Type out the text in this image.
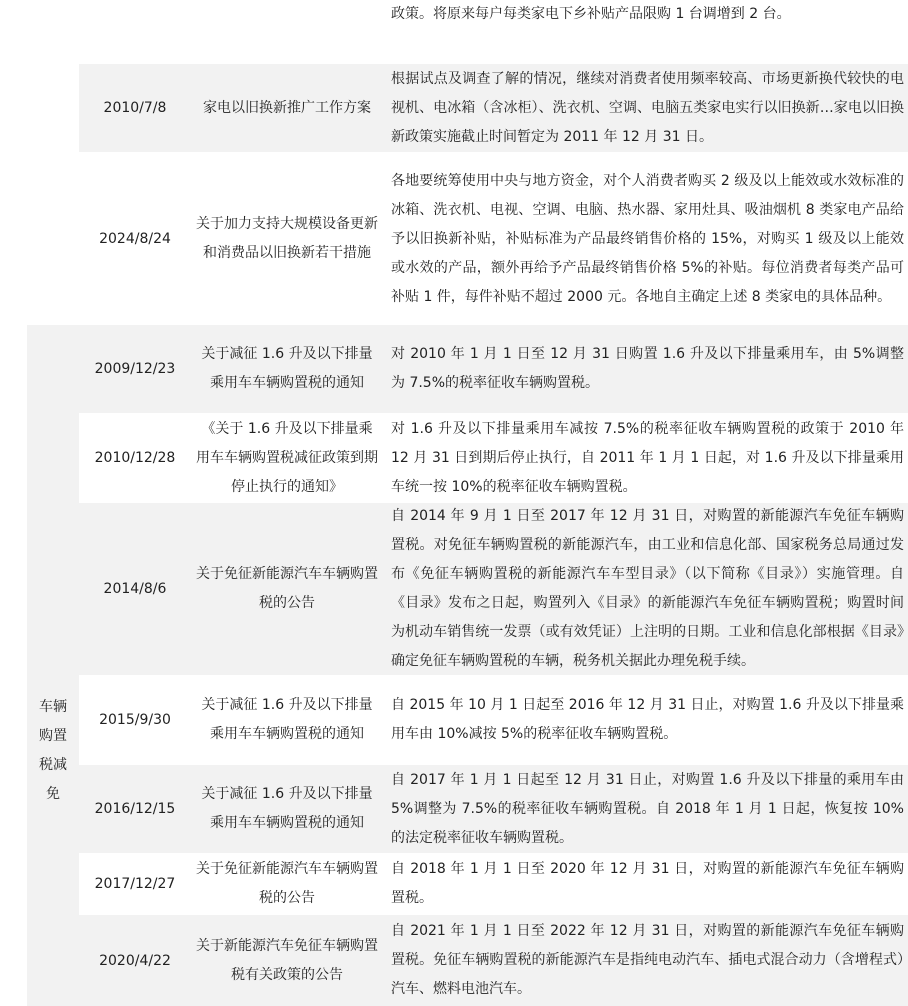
政策。将原来每户每类家电下乡补贴产品限购 1 台调增到 2 台。
车辆购置税减免
2010/7/8	家电以旧换新推广工作方案
根据试点及调查了解的情况，继续对消费者使用频率较高、市场更新换代较快的电视机、电冰箱（含冰柜）、洗衣机、空调、电脑五类家电实行以旧换新…家电以旧换新政策实施截止时间暂定为 2011 年 12 月 31 日。
2024/8/24
关于加力支持大规模设备更新和消费品以旧换新若干措施
各地要统筹使用中央与地方资金，对个人消费者购买 2 级及以上能效或水效标准的冰箱、洗衣机、电视、空调、电脑、热水器、家用灶具、吸油烟机 8 类家电产品给予以旧换新补贴，补贴标准为产品最终销售价格的 15%，对购买 1 级及以上能效或水效的产品，额外再给予产品最终销售价格 5%的补贴。每位消费者每类产品可补贴 1 件，每件补贴不超过 2000 元。各地自主确定上述 8 类家电的具体品种。
2009/12/23
关于减征 1.6 升及以下排量乘用车车辆购置税的通知
对 2010 年 1 月 1 日至 12 月 31 日购置 1.6 升及以下排量乘用车，由 5%调整为 7.5%的税率征收车辆购置税。
2010/12/28
《关于 1.6 升及以下排量乘用车车辆购置税减征政策到期停止执行的通知》
对 1.6 升及以下排量乘用车减按 7.5%的税率征收车辆购置税的政策于 2010 年 12 月 31 日到期后停止执行，自 2011 年 1 月 1 日起，对 1.6 升及以下排量乘用车统一按 10%的税率征收车辆购置税。
2014/8/6
关于免征新能源汽车车辆购置税的公告
自 2014 年 9 月 1 日至 2017 年 12 月 31 日，对购置的新能源汽车免征车辆购置税。对免征车辆购置税的新能源汽车，由工业和信息化部、国家税务总局通过发布《免征车辆购置税的新能源汽车车型目录》（以下简称《目录》）实施管理。自《目录》发布之日起，购置列入《目录》的新能源汽车免征车辆购置税；购置时间为机动车销售统一发票（或有效凭证）上注明的日期。工业和信息化部根据《目录》确定免征车辆购置税的车辆，税务机关据此办理免税手续。
2015/9/30
关于减征 1.6 升及以下排量乘用车车辆购置税的通知
自 2015 年 10 月 1 日起至 2016 年 12 月 31 日止，对购置 1.6 升及以下排量乘用车由 10%减按 5%的税率征收车辆购置税。
2016/12/15
关于减征 1.6 升及以下排量乘用车车辆购置税的通知
自 2017 年 1 月 1 日起至 12 月 31 日止，对购置 1.6 升及以下排量的乘用车由 5%调整为 7.5%的税率征收车辆购置税。自 2018 年 1 月 1 日起，恢复按 10%的法定税率征收车辆购置税。
2017/12/27
关于免征新能源汽车车辆购置税的公告
自 2018 年 1 月 1 日至 2020 年 12 月 31 日，对购置的新能源汽车免征车辆购置税。
2020/4/22
关于新能源汽车免征车辆购置税有关政策的公告
自 2021 年 1 月 1 日至 2022 年 12 月 31 日，对购置的新能源汽车免征车辆购置税。免征车辆购置税的新能源汽车是指纯电动汽车、插电式混合动力（含增程式）汽车、燃料电池汽车。
